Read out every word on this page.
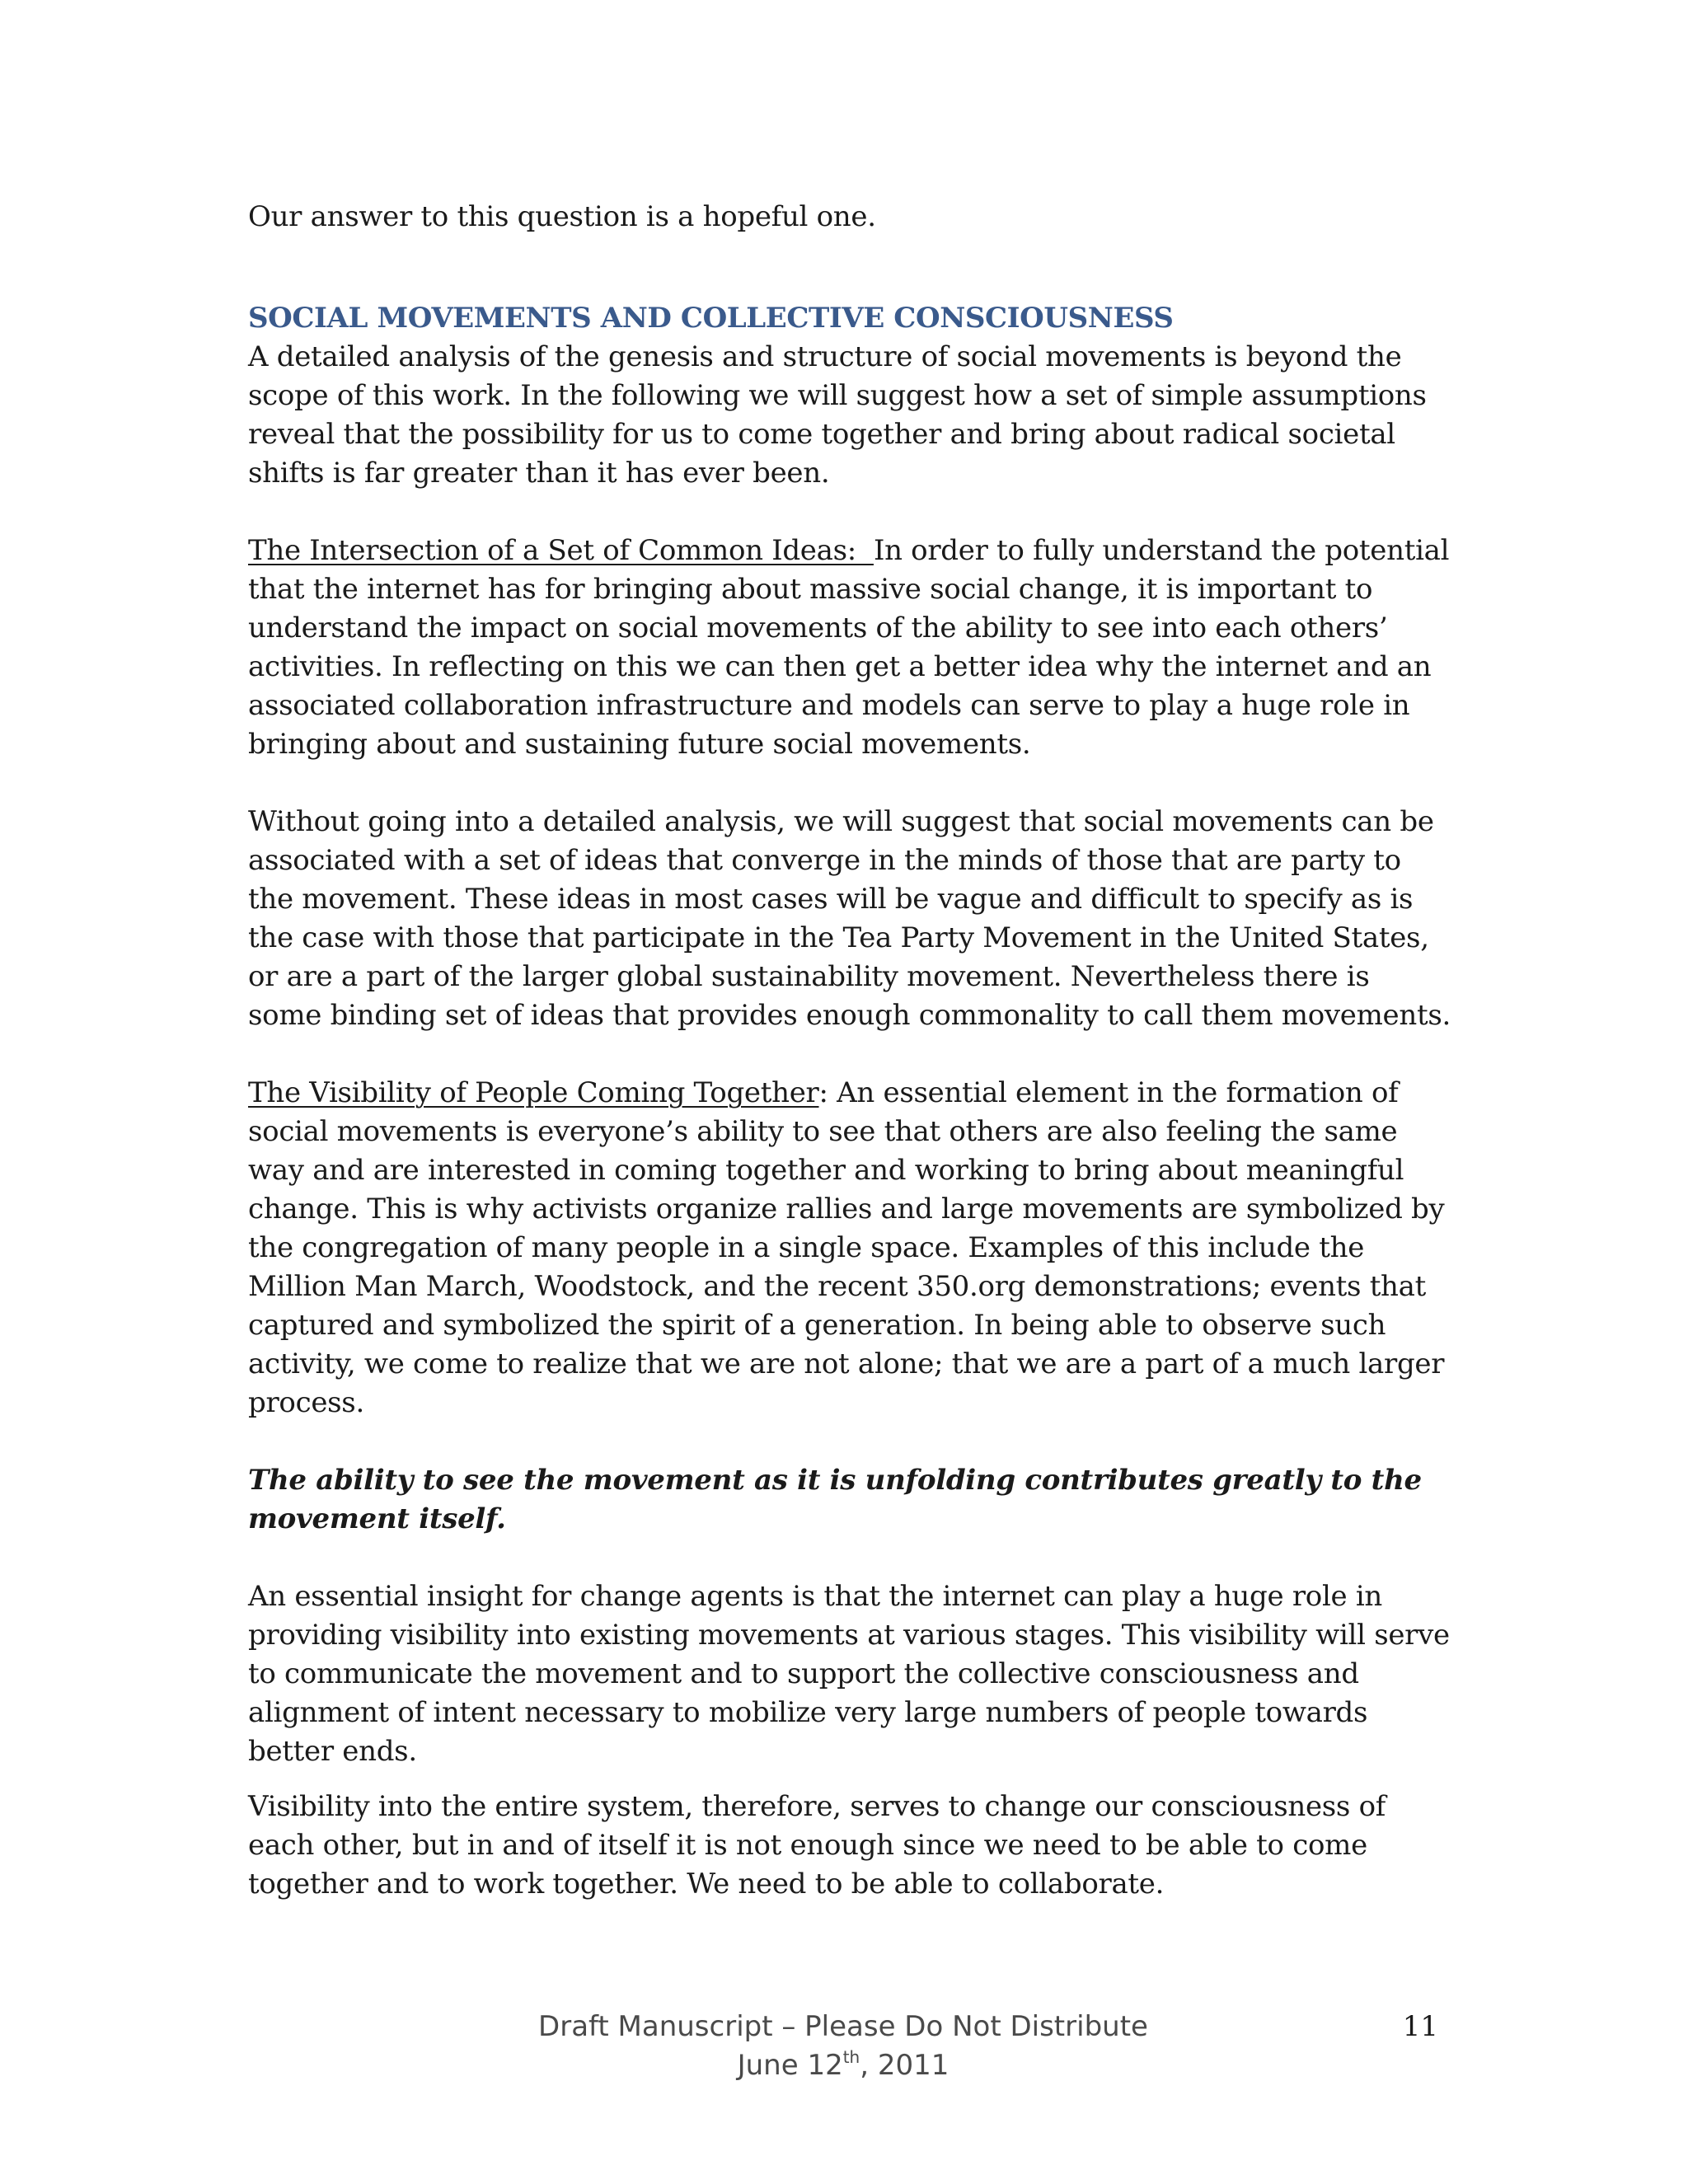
Our answer to this question is a hopeful one.

SOCIAL MOVEMENTS AND COLLECTIVE CONSCIOUSNESS

A detailed analysis of the genesis and structure of social movements is beyond the scope of this work. In the following we will suggest how a set of simple assumptions reveal that the possibility for us to come together and bring about radical societal shifts is far greater than it has ever been.

The Intersection of a Set of Common Ideas:  In order to fully understand the potential that the internet has for bringing about massive social change, it is important to understand the impact on social movements of the ability to see into each others’ activities. In reflecting on this we can then get a better idea why the internet and an associated collaboration infrastructure and models can serve to play a huge role in bringing about and sustaining future social movements.

Without going into a detailed analysis, we will suggest that social movements can be associated with a set of ideas that converge in the minds of those that are party to the movement. These ideas in most cases will be vague and difficult to specify as is the case with those that participate in the Tea Party Movement in the United States, or are a part of the larger global sustainability movement. Nevertheless there is some binding set of ideas that provides enough commonality to call them movements.

The Visibility of People Coming Together: An essential element in the formation of social movements is everyone’s ability to see that others are also feeling the same way and are interested in coming together and working to bring about meaningful change. This is why activists organize rallies and large movements are symbolized by the congregation of many people in a single space. Examples of this include the Million Man March, Woodstock, and the recent 350.org demonstrations; events that captured and symbolized the spirit of a generation. In being able to observe such activity, we come to realize that we are not alone; that we are a part of a much larger process.

The ability to see the movement as it is unfolding contributes greatly to the movement itself.

An essential insight for change agents is that the internet can play a huge role in providing visibility into existing movements at various stages. This visibility will serve to communicate the movement and to support the collective consciousness and alignment of intent necessary to mobilize very large numbers of people towards better ends.

Visibility into the entire system, therefore, serves to change our consciousness of each other, but in and of itself it is not enough since we need to be able to come together and to work together. We need to be able to collaborate.

Draft Manuscript – Please Do Not Distribute
June 12th, 2011
11
